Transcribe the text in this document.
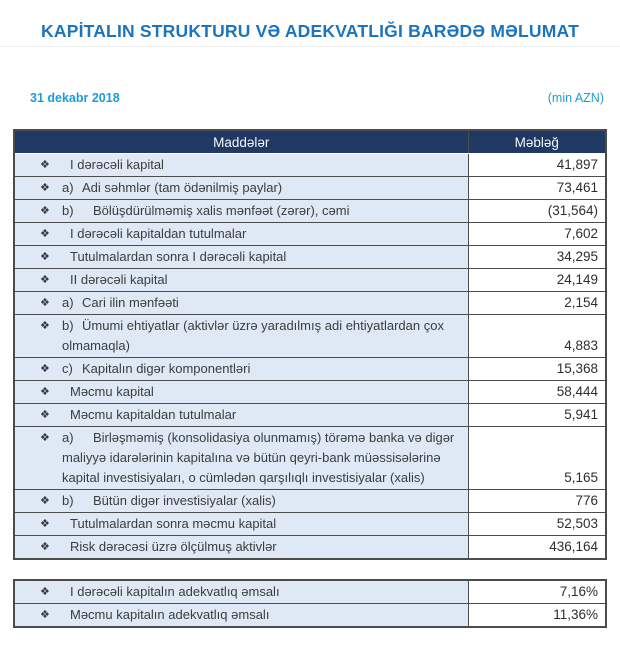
KAPİTALIN STRUKTURU VƏ ADEKVATLIĞI BARƏDƏ MƏLUMAT
31 dekabr 2018	(min AZN)
Maddələr	Məbləğ

❖ I dərəcəli kapital	41,897

❖ a) Adi səhmlər (tam ödənilmiş paylar)	73,461

❖ b) Bölüşdürülməmiş xalis mənfəət (zərər), cəmi	(31,564)

❖ I dərəcəli kapitaldan tutulmalar	7,602

❖ Tutulmalardan sonra I dərəcəli kapital	34,295

❖ II dərəcəli kapital	24,149

❖ a) Cari ilin mənfəəti	2,154

❖ b) Ümumi ehtiyatlar (aktivlər üzrə yaradılmış adi ehtiyatlardan çox olmamaqla)	4,883

❖ c) Kapitalın digər komponentləri	15,368

❖ Məcmu kapital	58,444

❖ Məcmu kapitaldan tutulmalar	5,941

❖ a) Birləşməmiş (konsolidasiya olunmamış) törəmə banka və digər maliyyə idarələrinin kapitalına və bütün qeyri-bank müəssisələrinə kapital investisiyaları, o cümlədən qarşılıqlı investisiyalar (xalis)	5,165

❖ b) Bütün digər investisiyalar (xalis)	776

❖ Tutulmalardan sonra məcmu kapital	52,503

❖ Risk dərəcəsi üzrə ölçülmuş aktivlər	436,164
❖ I dərəcəli kapitalın adekvatlıq əmsalı	7,16%

❖ Məcmu kapitalın adekvatlıq əmsalı	11,36%
